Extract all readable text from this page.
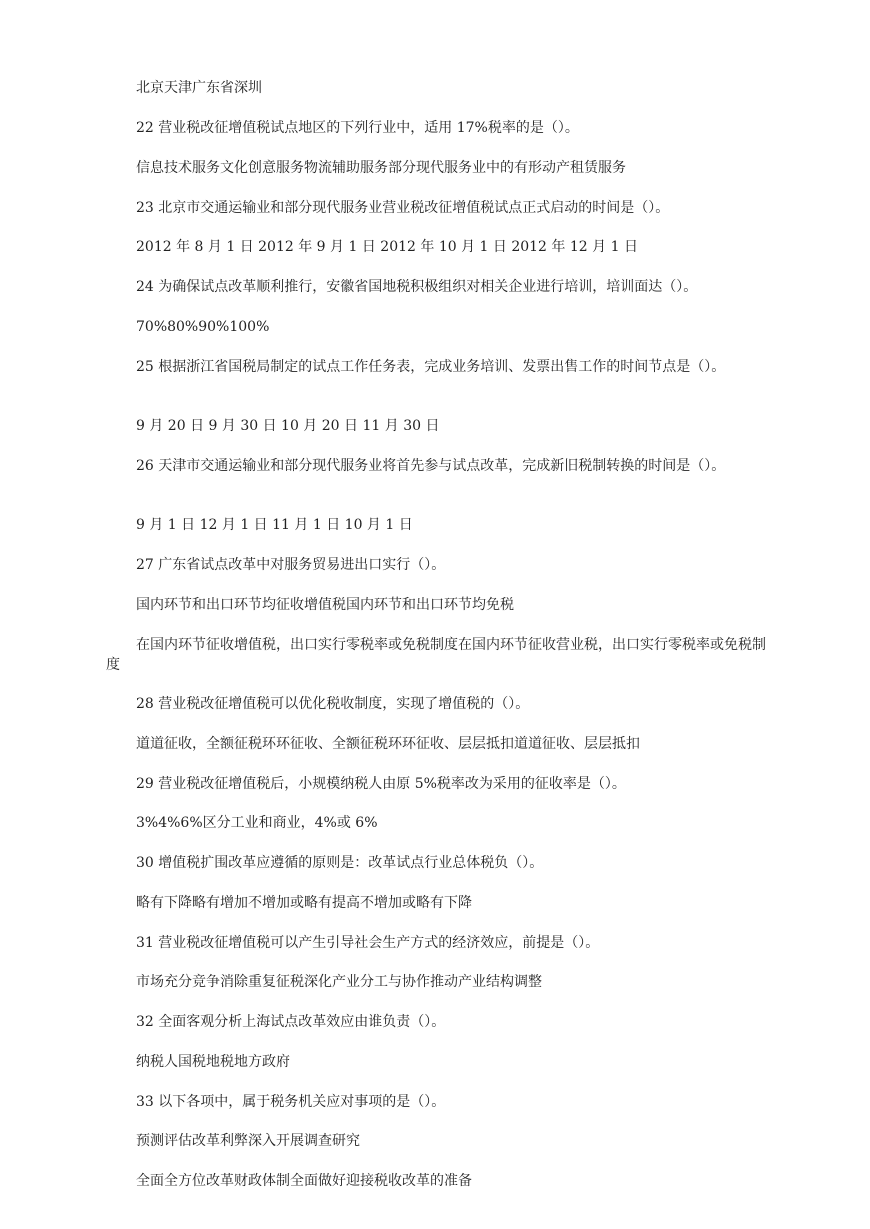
北京天津广东省深圳

22 营业税改征增值税试点地区的下列行业中，适用 17%税率的是（）。

信息技术服务文化创意服务物流辅助服务部分现代服务业中的有形动产租赁服务

23 北京市交通运输业和部分现代服务业营业税改征增值税试点正式启动的时间是（）。

2012 年 8 月 1 日 2012 年 9 月 1 日 2012 年 10 月 1 日 2012 年 12 月 1 日

24 为确保试点改革顺利推行，安徽省国地税积极组织对相关企业进行培训，培训面达（）。

70%80%90%100%

25 根据浙江省国税局制定的试点工作任务表，完成业务培训、发票出售工作的时间节点是（）。

9 月 20 日 9 月 30 日 10 月 20 日 11 月 30 日

26 天津市交通运输业和部分现代服务业将首先参与试点改革，完成新旧税制转换的时间是（）。

9 月 1 日 12 月 1 日 11 月 1 日 10 月 1 日

27 广东省试点改革中对服务贸易进出口实行（）。

国内环节和出口环节均征收增值税国内环节和出口环节均免税

在国内环节征收增值税，出口实行零税率或免税制度在国内环节征收营业税，出口实行零税率或免税制度

28 营业税改征增值税可以优化税收制度，实现了增值税的（）。

道道征收，全额征税环环征收、全额征税环环征收、层层抵扣道道征收、层层抵扣

29 营业税改征增值税后，小规模纳税人由原 5%税率改为采用的征收率是（）。

3%4%6%区分工业和商业，4%或 6%

30 增值税扩围改革应遵循的原则是：改革试点行业总体税负（）。

略有下降略有增加不增加或略有提高不增加或略有下降

31 营业税改征增值税可以产生引导社会生产方式的经济效应，前提是（）。

市场充分竞争消除重复征税深化产业分工与协作推动产业结构调整

32 全面客观分析上海试点改革效应由谁负责（）。

纳税人国税地税地方政府

33 以下各项中，属于税务机关应对事项的是（）。

预测评估改革利弊深入开展调查研究

全面全方位改革财政体制全面做好迎接税收改革的准备
